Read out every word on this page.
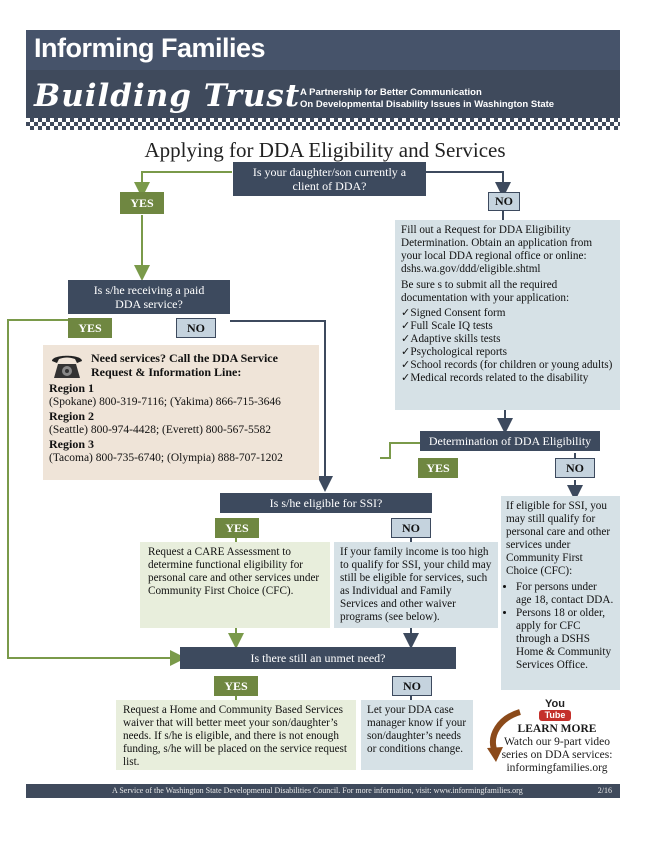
Informing Families
Building Trust A Partnership for Better Communication
On Developmental Disability Issues in Washington State
Applying for DDA Eligibility and Services
Is your daughter/son currently a
client of DDA?
YES	NO

Fill out a Request for DDA Eligibility Determination. Obtain an application from your local DDA regional office or online: dshs.wa.gov/ddd/eligible.shtml

Be sure s to submit all the required documentation with your application:

✓Signed Consent form
✓Full Scale IQ tests
✓Adaptive skills tests
✓Psychological reports
✓School records (for children or young adults)
✓Medical records related to the disability
Is s/he receiving a paid
DDA service?
YES	NO
Need services? Call the DDA Service Request & Information Line:
Region 1
(Spokane) 800-319-7116; (Yakima) 866-715-3646
Region 2
(Seattle) 800-974-4428; (Everett) 800-567-5582
Region 3
(Tacoma) 800-735-6740; (Olympia) 888-707-1202
Determination of DDA Eligibility
YES	NO
Is s/he eligible for SSI?
YES	NO
Request a CARE Assessment to determine functional eligibility for personal care and other services under Community First Choice (CFC).
If your family income is too high to qualify for SSI, your child may still be eligible for services, such as Individual and Family Services and other waiver programs (see below).

If eligible for SSI, you may still qualify for personal care and other services under Community First Choice (CFC):

• For persons under age 18, contact DDA.
• Persons 18 or older, apply for CFC through a DSHS Home & Community Services Office.
Is there still an unmet need?
YES	NO
Request a Home and Community Based Services waiver that will better meet your son/daughter’s needs. If s/he is eligible, and there is not enough funding, s/he will be placed on the service request list.
Let your DDA case manager know if your son/daughter’s needs or conditions change.
You
Tube
LEARN MORE
Watch our 9-part video series on DDA services:
informingfamilies.org
A Service of the Washington State Developmental Disabilities Council. For more information, visit: www.informingfamilies.org	2/16
